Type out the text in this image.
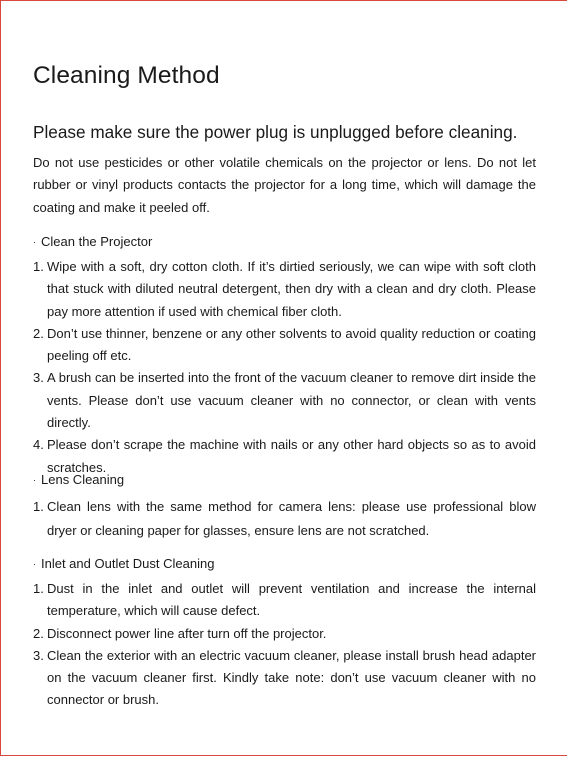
Cleaning Method

Please make sure the power plug is unplugged before cleaning.

Do not use pesticides or other volatile chemicals on the projector or lens. Do not let rubber or vinyl products contacts the projector for a long time, which will damage the coating and make it peeled off.

· Clean the Projector

1. Wipe with a soft, dry cotton cloth. If it’s dirtied seriously, we can wipe with soft cloth that stuck with diluted neutral detergent, then dry with a clean and dry cloth. Please pay more attention if used with chemical fiber cloth.
2. Don’t use thinner, benzene or any other solvents to avoid quality reduction or coating peeling off etc.
3. A brush can be inserted into the front of the vacuum cleaner to remove dirt inside the vents. Please don’t use vacuum cleaner with no connector, or clean with vents directly.
4. Please don’t scrape the machine with nails or any other hard objects so as to avoid scratches.

· Lens Cleaning

1. Clean lens with the same method for camera lens: please use professional blow dryer or cleaning paper for glasses, ensure lens are not scratched.

· Inlet and Outlet Dust Cleaning

1. Dust in the inlet and outlet will prevent ventilation and increase the internal temperature, which will cause defect.
2. Disconnect power line after turn off the projector.
3. Clean the exterior with an electric vacuum cleaner, please install brush head adapter on the vacuum cleaner first. Kindly take note: don’t use vacuum cleaner with no connector or brush.
